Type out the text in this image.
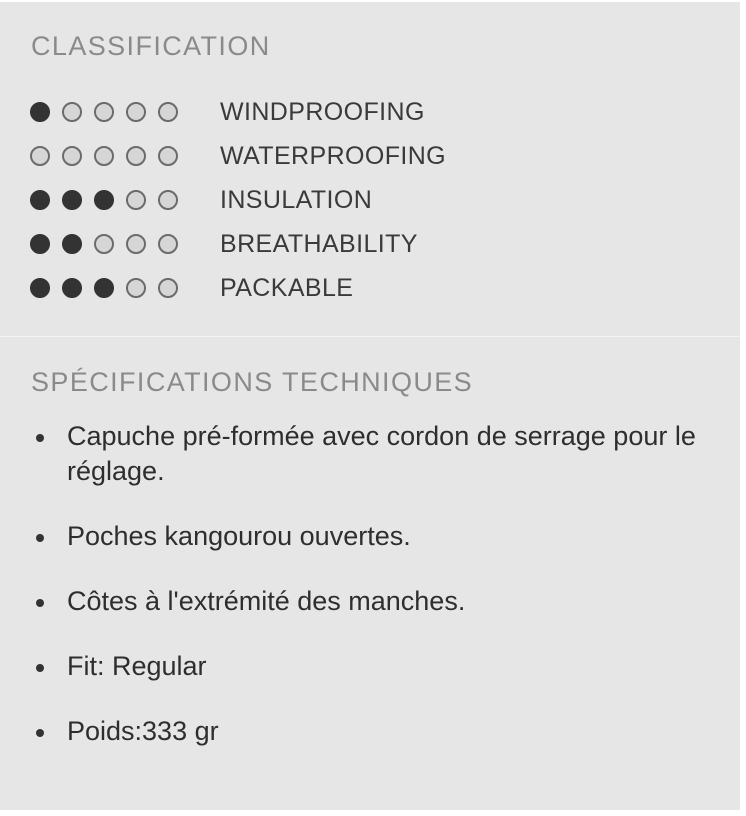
CLASSIFICATION
WINDPROOFING
WATERPROOFING
INSULATION
BREATHABILITY
PACKABLE
SPÉCIFICATIONS TECHNIQUES
Capuche pré-formée avec cordon de serrage pour le réglage.
Poches kangourou ouvertes.
Côtes à l'extrémité des manches.
Fit: Regular
Poids:333 gr
